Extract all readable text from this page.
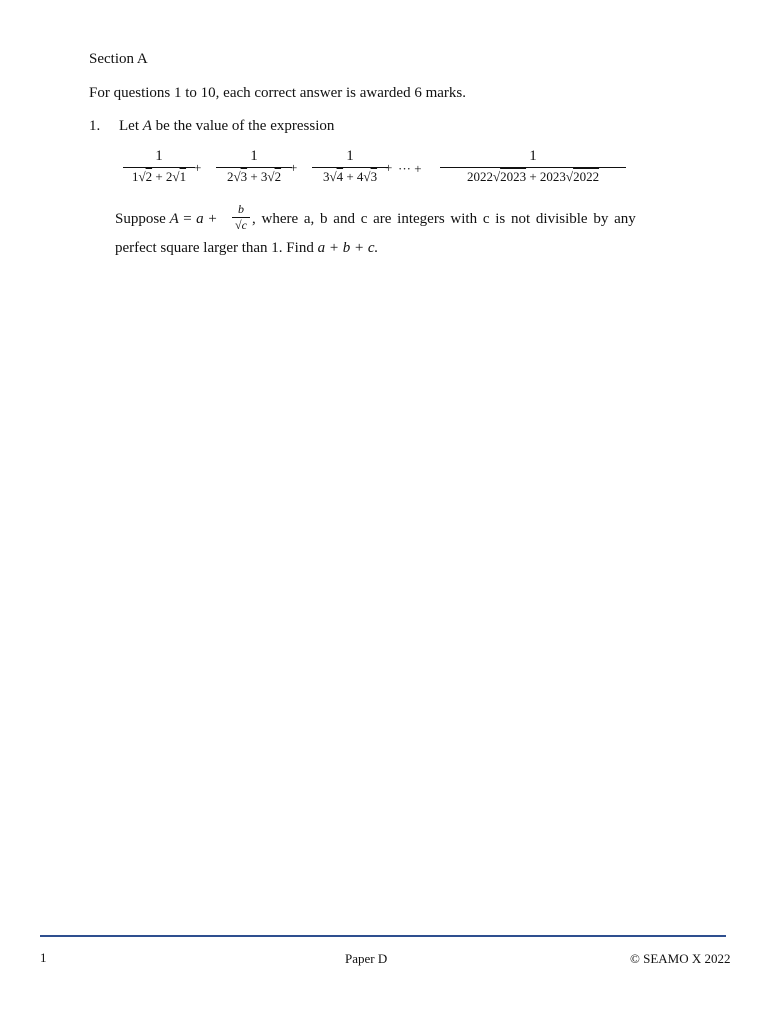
Section A
For questions 1 to 10, each correct answer is awarded 6 marks.
1. Let A be the value of the expression
1
1√2 + 2√1
+
1
2√3 + 3√2
+
1
3√4 + 4√3
+ ··· +
1
2022√2023 + 2023√2022
Suppose A = a +
b
√c , where a, b and c are integers with c is not divisible by any
perfect square larger than 1. Find a + b + c.
1	Paper D	© SEAMO X 2022
